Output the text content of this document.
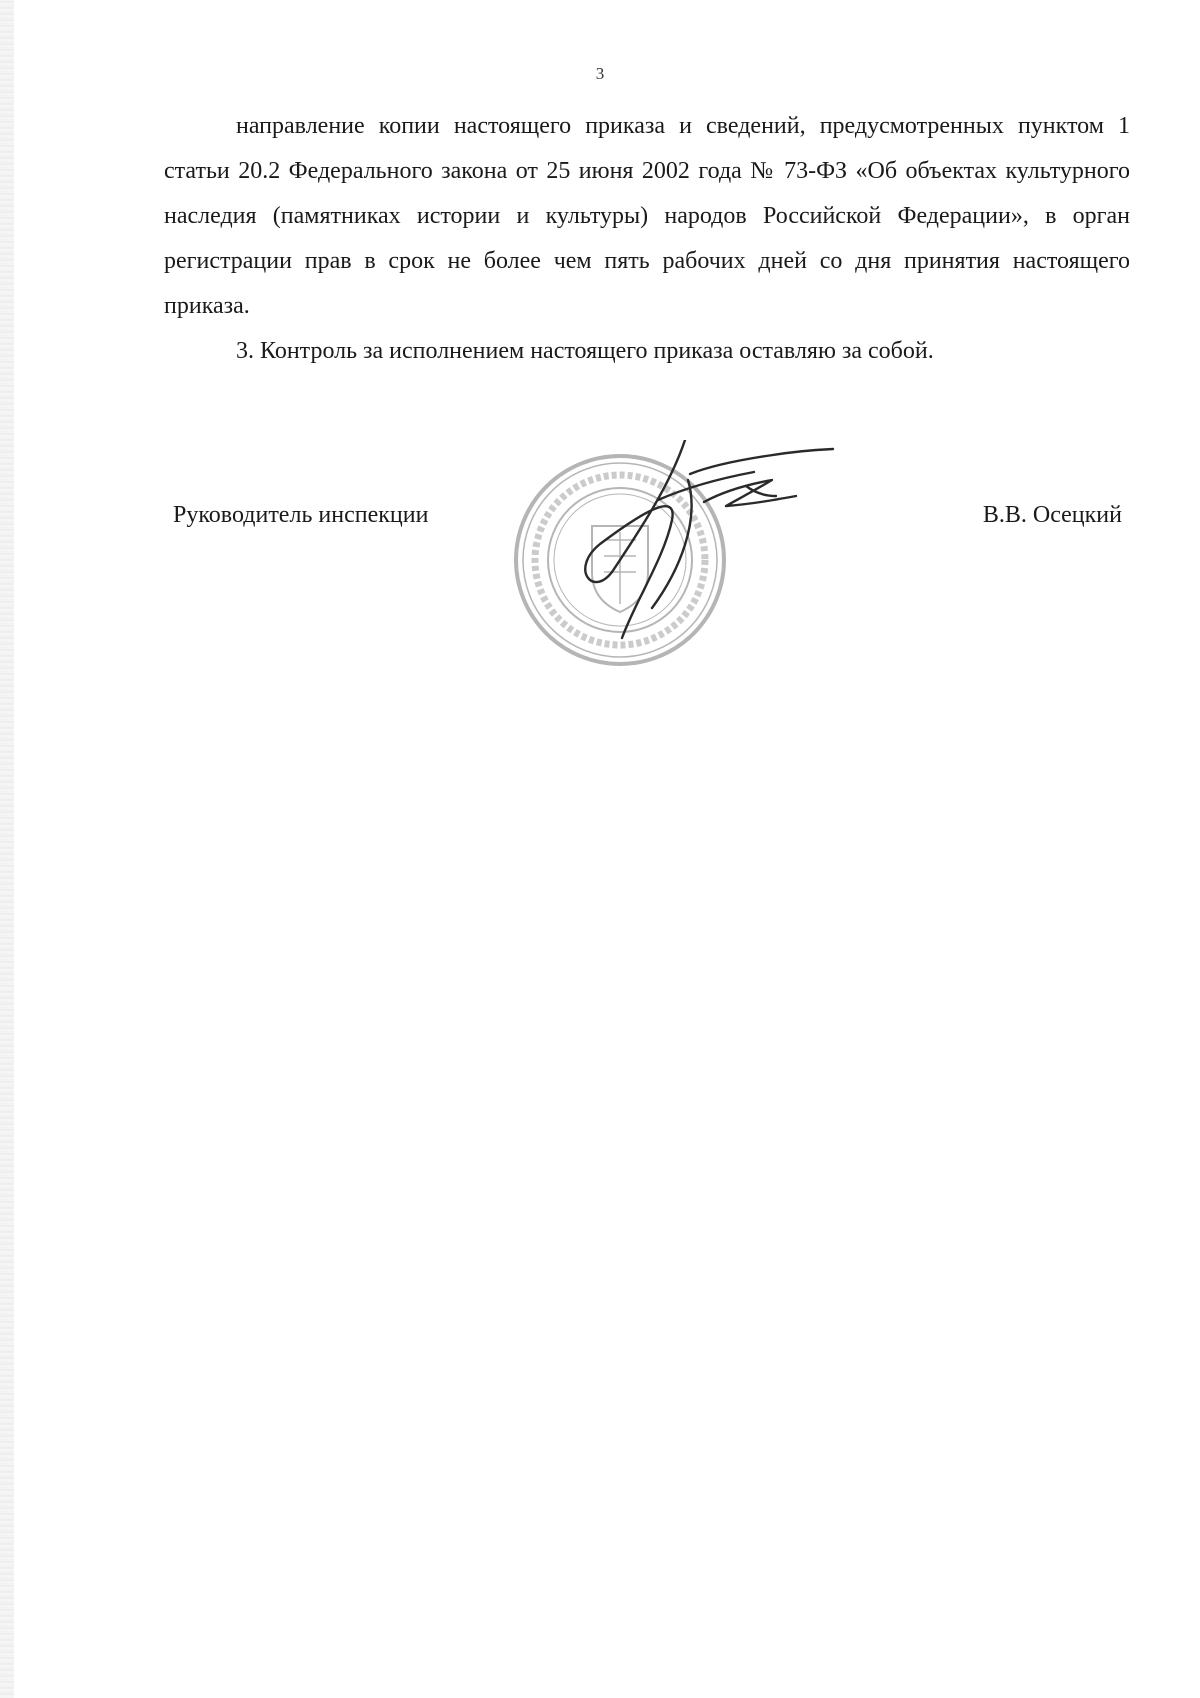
3

направление копии настоящего приказа и сведений, предусмотренных пунктом 1 статьи 20.2 Федерального закона от 25 июня 2002 года № 73-ФЗ «Об объектах культурного наследия (памятниках истории и культуры) народов Российской Федерации», в орган регистрации прав в срок не более чем пять рабочих дней со дня принятия настоящего приказа.

3. Контроль за исполнением настоящего приказа оставляю за собой.

Руководитель инспекции	В.В. Осецкий
